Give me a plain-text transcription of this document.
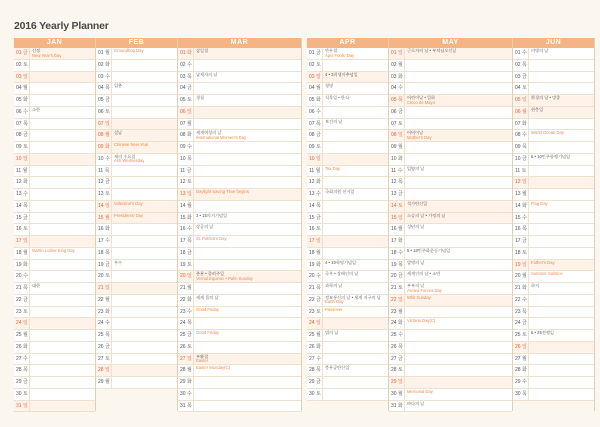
2016 Yearly Planner
JAN
01 금	신정
New Year's Day
02 토
03 일
04 월
05 화
06 수	소한
07 목
08 금
09 토
10 일
11 월
12 화
13 수
14 목
15 금
16 토
17 일
18 월	Martin Luther King Day
19 화
20 수
21 목	대한
22 금
23 토
24 일
25 월
26 화
27 수
28 목
29 금
30 토
31 일
FEB
01 월	Groundhog Day
02 화
03 수
04 목	입춘
05 금
06 토
07 일
08 월	설날
09 화	Chinese New Year
10 수	재의 수요일
Ash Wednesday
11 목
12 금
13 토
14 일	Valentine's Day
15 월	Presidents' Day
16 화
17 수
18 목
19 금	우수
20 토
21 일
22 월
23 화
24 수
25 목
26 금
27 토
28 일
29 월
MAR
01 화	삼일절
02 수
03 목	납세자의 날
04 금
05 토	경칩
06 일
07 월
08 화	세계여성의 날
International Women's Day
09 수
10 목
11 금
12 토
13 일	Daylight Saving Time begins
14 월
15 화	3 • 15의거기념일
16 수	상공의 날
17 목	St. Patrick's Day
18 금
19 토
20 일	춘분 • 종려주일
Vernal Equinox • Palm Sunday
21 월
22 화	세계 물의 날
23 수	Good Friday
24 목
25 금	Good Friday
26 토
27 일	부활절
Easter
28 월	Easter Monday(C)
29 화
30 수
31 목
APR
01 금	만우절
April Fools' Day
02 토
03 일	4 • 3희생자추념일
04 월	청명
05 화	식목일 • 한식
06 수
07 목	보건의 날
08 금
09 토
10 일
11 월	Tax Day
12 화
13 수	국회의원 선거일
14 목
15 금
16 토
17 일
18 월
19 화	4 • 19혁명기념일
20 수	곡우 • 장애인의 날
21 목	과학의 날
22 금	정보통신의 날 • 세계 지구의 날
Earth Day
23 토	Passover
24 일
25 월	법의 날
26 화
27 수
28 목	충무공탄신일
29 금
30 토
MAY
01 일	근로자의 날 • 부처님오신날
02 월
03 화
04 수
05 목	어린이날 • 입하
Cinco de Mayo
06 금
07 토
08 일	어버이날
Mother's Day
09 월
10 화
11 수	입양의 날
12 목
13 금
14 토	석가탄신일
15 일	스승의 날 • 가정의 날
16 월	성년의 날
17 화
18 수	5 • 18민주화운동기념일
19 목	발명의 날
20 금	세계인의 날 • 소만
21 토	부부의 날
Armed Forces Day
22 일	Whit Sunday
23 월
24 화	Victoria Day(C)
25 수
26 목
27 금
28 토
29 일
30 월	Memorial Day
31 화	바다의 날
JUN
01 수	의병의 날
02 목
03 금
04 토
05 일	환경의 날 • 망종
06 월	현충일
07 화
08 수	World Ocean Day
09 목
10 금	6 • 10민주항쟁기념일
11 토
12 일
13 월
14 화	Flag Day
15 수
16 목
17 금
18 토
19 일	Father's Day
20 월	Summer Solstice
21 화	하지
22 수
23 목
24 금
25 토	6 • 25전쟁일
26 일
27 월
28 화
29 수
30 목
